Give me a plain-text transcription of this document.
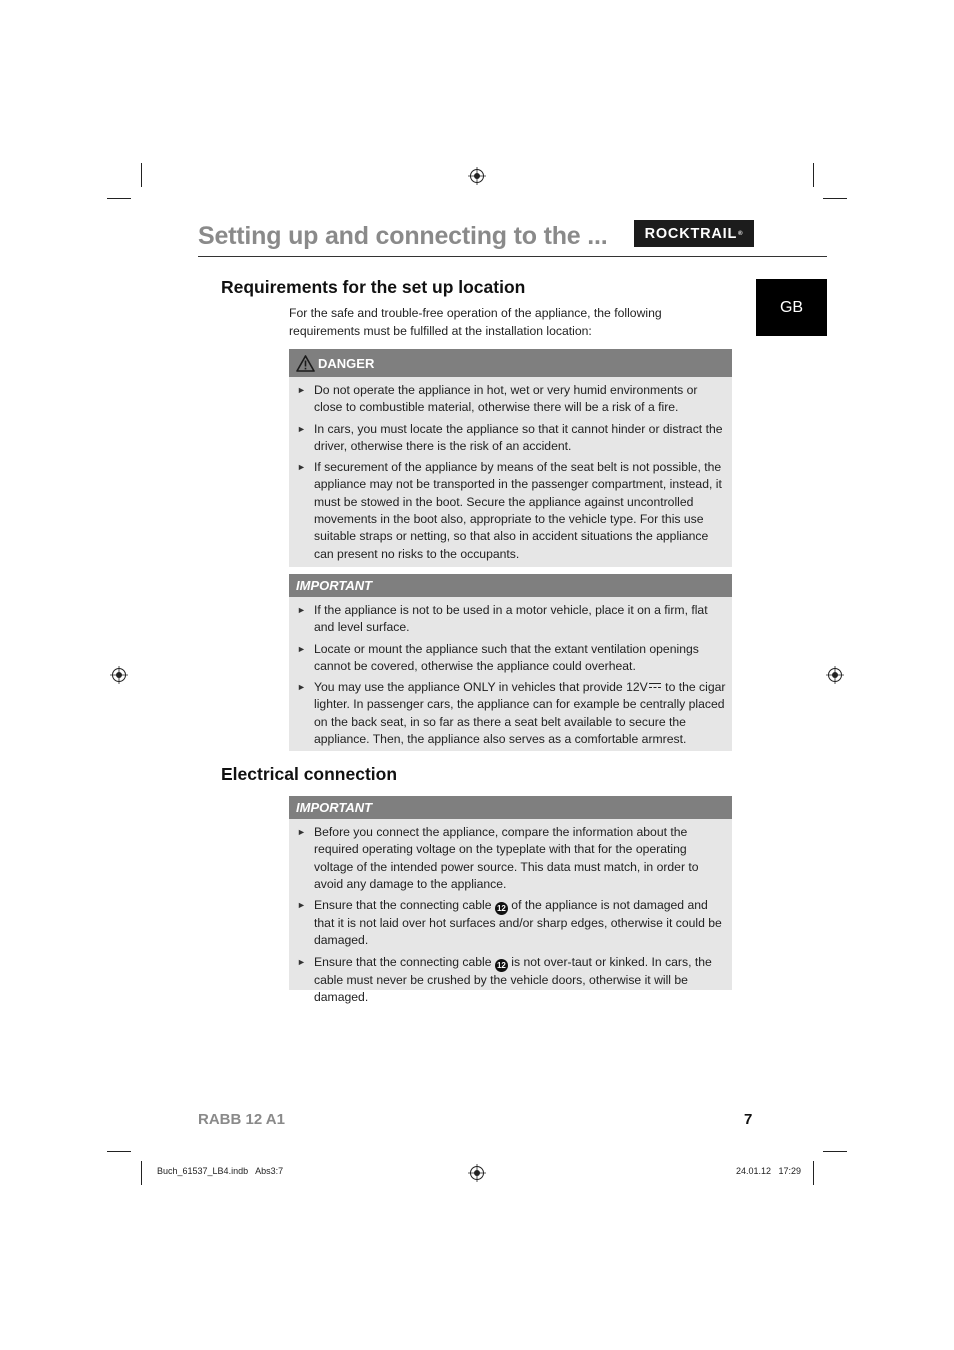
Setting up and connecting to the ...	ROCKTRAIL ®
GB
Requirements for the set up location
For the safe and trouble-free operation of the appliance, the following requirements must be fulfilled at the installation location:
DANGER
► Do not operate the appliance in hot, wet or very humid environments or close to combustible material, otherwise there will be a risk of a fire.
► In cars, you must locate the appliance so that it cannot hinder or distract the driver, otherwise there is the risk of an accident.
► If securement of the appliance by means of the seat belt is not possible, the appliance may not be transported in the passenger compartment, instead, it must be stowed in the boot. Secure the appliance against uncontrolled movements in the boot also, appropriate to the vehicle type. For this use suitable straps or netting, so that also in accident situations the appliance can present no risks to the occupants.
IMPORTANT
► If the appliance is not to be used in a motor vehicle, place it on a firm, flat and level surface.
► Locate or mount the appliance such that the extant ventilation openings cannot be covered, otherwise the appliance could overheat.
► You may use the appliance ONLY in vehicles that provide 12V to the cigar lighter. In passenger cars, the appliance can for example be centrally placed on the back seat, in so far as there a seat belt available to secure the appliance. Then, the appliance also serves as a comfortable armrest.
Electrical connection
IMPORTANT
► Before you connect the appliance, compare the information about the required operating voltage on the typeplate with that for the operating voltage of the intended power source. This data must match, in order to avoid any damage to the appliance.
► Ensure that the connecting cable 12 of the appliance is not damaged and that it is not laid over hot surfaces and/or sharp edges, otherwise it could be damaged.
► Ensure that the connecting cable 12 is not over-taut or kinked. In cars, the cable must never be crushed by the vehicle doors, otherwise it will be damaged.
RABB 12 A1	7
Buch_61537_LB4.indb   Abs3:7	24.01.12   17:29
